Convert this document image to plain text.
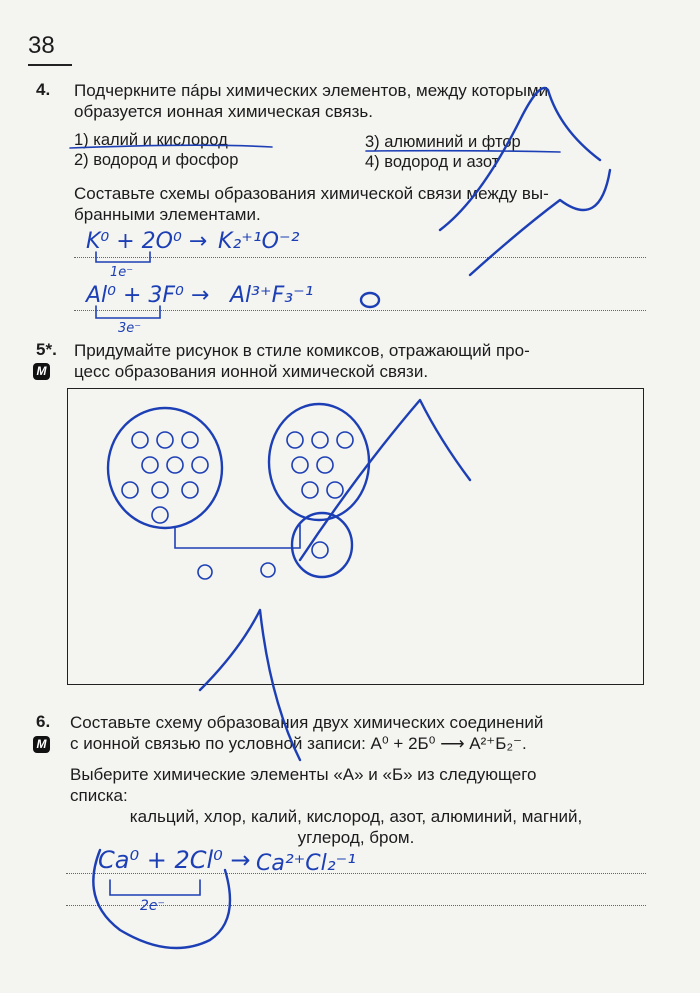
38
4. Подчеркните пáры химических элементов, между которыми
образуется ионная химическая связь.
1) калий и кислород
2) водород и фосфор
3) алюминий и фтор
4) водород и азот
Составьте схемы образования химической связи между вы-
бранными элементами.
5*.
М
Придумайте рисунок в стиле комиксов, отражающий про-
цесс образования ионной химической связи.
6.
М
Составьте схему образования двух химических соединений
с ионной связью по условной записи: A⁰ + 2Б⁰ ⟶ A²⁺Б₂⁻.
Выберите химические элементы «А» и «Б» из следующего
списка:
кальций, хлор, калий, кислород, азот, алюминий, магний,
углерод, бром.
K⁰ + 2O⁰ → K₂⁺¹O⁻²
1e⁻
Al⁰ + 3F⁰ → Al³⁺F₃⁻¹
3e⁻
Ca⁰ + 2Cl⁰ → Ca²⁺Cl₂⁻¹
2e⁻
